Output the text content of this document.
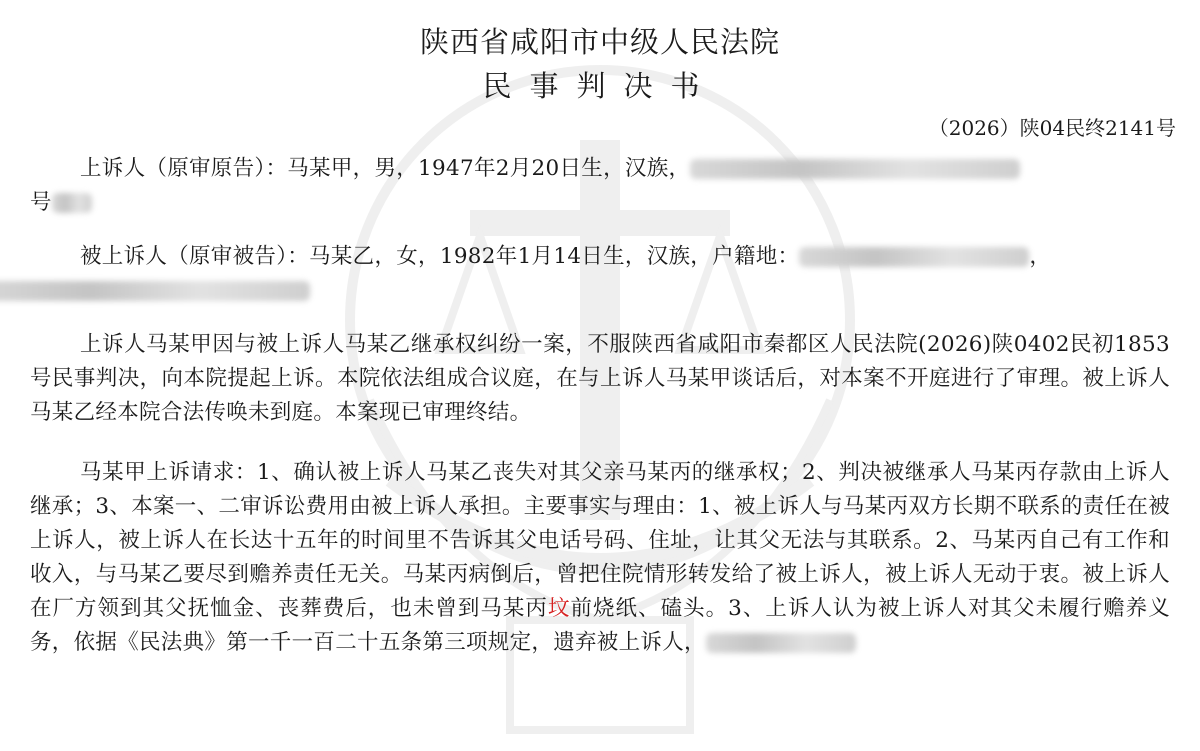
陕西省咸阳市中级人民法院
民事判决书
（2026）陕04民终2141号
上诉人（原审原告）：马某甲，男，1947年2月20日生，汉族，
号
被上诉人（原审被告）：马某乙，女，1982年1月14日生，汉族，户籍地：	，

上诉人马某甲因与被上诉人马某乙继承权纠纷一案，不服陕西省咸阳市秦都区人民法院(2026)陕0402民初1853号民事判决，向本院提起上诉。本院依法组成合议庭，在与上诉人马某甲谈话后，对本案不开庭进行了审理。被上诉人马某乙经本院合法传唤未到庭。本案现已审理终结。
马某甲上诉请求：1、确认被上诉人马某乙丧失对其父亲马某丙的继承权；2、判决被继承人马某丙存款由上诉人继承；3、本案一、二审诉讼费用由被上诉人承担。主要事实与理由：1、被上诉人与马某丙双方长期不联系的责任在被上诉人，被上诉人在长达十五年的时间里不告诉其父电话号码、住址，让其父无法与其联系。2、马某丙自己有工作和收入，与马某乙要尽到赡养责任无关。马某丙病倒后，曾把住院情形转发给了被上诉人，被上诉人无动于衷。被上诉人在厂方领到其父抚恤金、丧葬费后，也未曾到马某丙坟前烧纸、磕头。3、上诉人认为被上诉人对其父未履行赡养义务，依据《民法典》第一千一百二十五条第三项规定，遗弃被上诉人，
